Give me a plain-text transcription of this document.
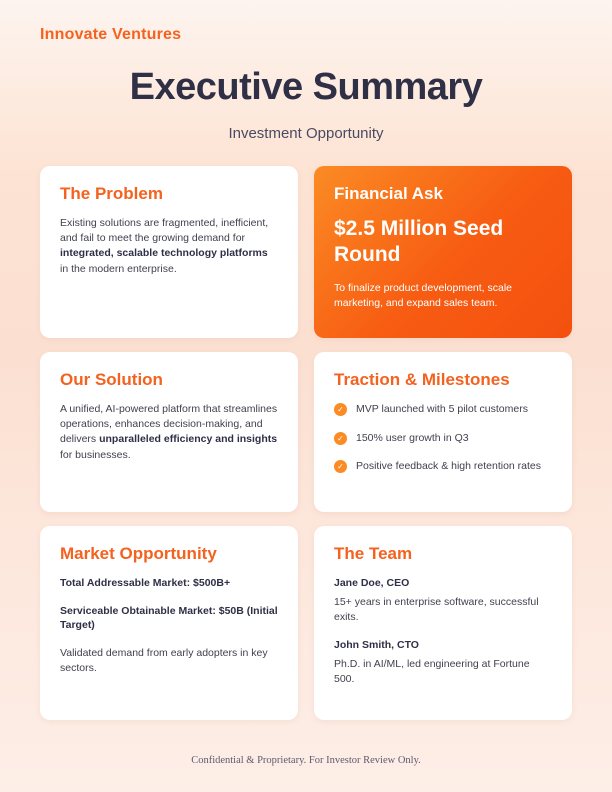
Innovate Ventures
Executive Summary
Investment Opportunity
The Problem
Existing solutions are fragmented, inefficient, and fail to meet the growing demand for integrated, scalable technology platforms in the modern enterprise.
Financial Ask
$2.5 Million Seed Round
To finalize product development, scale marketing, and expand sales team.
Our Solution
A unified, AI-powered platform that streamlines operations, enhances decision-making, and delivers unparalleled efficiency and insights for businesses.
Traction & Milestones
✓	MVP launched with 5 pilot customers
✓	150% user growth in Q3
✓	Positive feedback & high retention rates
Market Opportunity
Total Addressable Market: $500B+
Serviceable Obtainable Market: $50B (Initial Target)
Validated demand from early adopters in key sectors.
The Team
Jane Doe, CEO
15+ years in enterprise software, successful exits.
John Smith, CTO
Ph.D. in AI/ML, led engineering at Fortune 500.
Confidential & Proprietary. For Investor Review Only.
